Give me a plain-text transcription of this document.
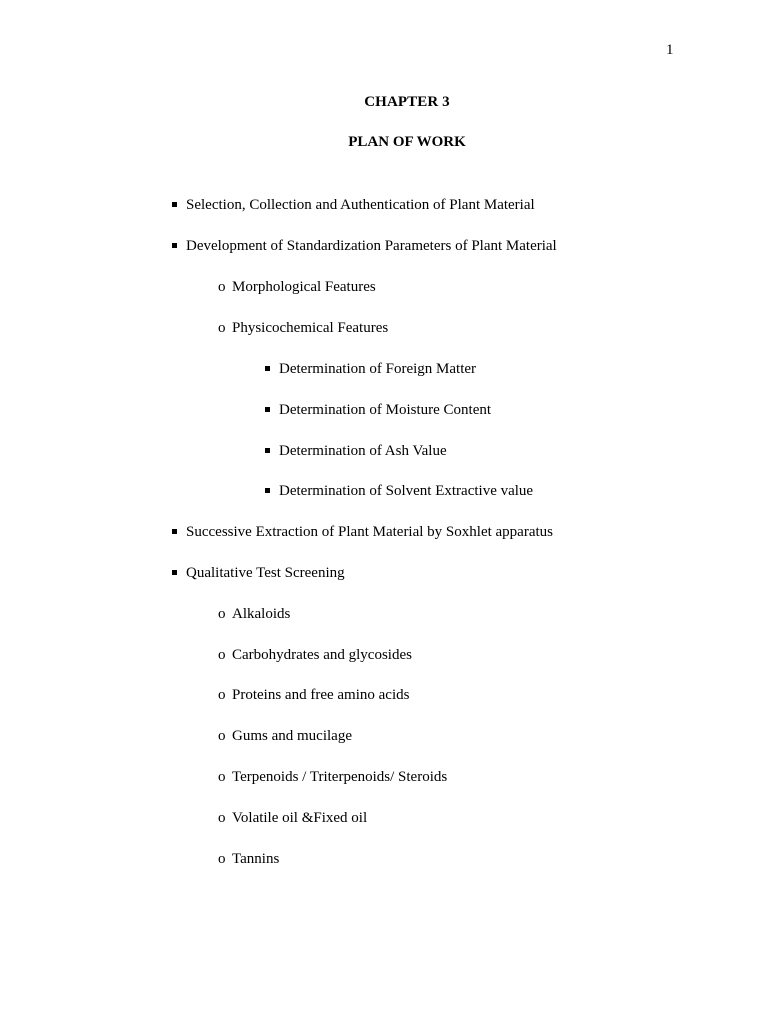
1
CHAPTER 3
PLAN OF WORK
Selection, Collection and Authentication of Plant Material
Development of Standardization Parameters of Plant Material
o Morphological Features
o Physicochemical Features
Determination of Foreign Matter
Determination of Moisture Content
Determination of Ash Value
Determination of Solvent Extractive value
Successive Extraction of Plant Material by Soxhlet apparatus
Qualitative Test Screening
o Alkaloids
o Carbohydrates and glycosides
o Proteins and free amino acids
o Gums and mucilage
o Terpenoids / Triterpenoids/ Steroids
o Volatile oil &Fixed oil
o Tannins
